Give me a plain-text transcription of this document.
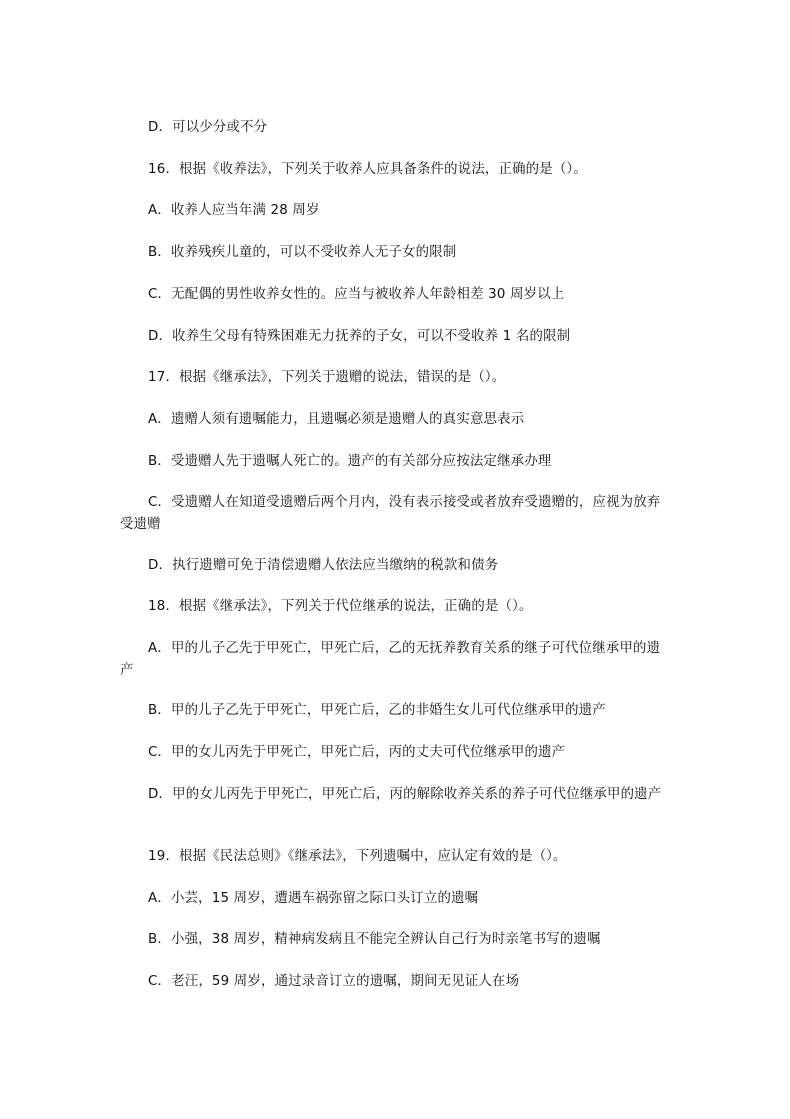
D．可以少分或不分
16．根据《收养法》，下列关于收养人应具备条件的说法，正确的是（）。
A．收养人应当年满 28 周岁
B．收养残疾儿童的，可以不受收养人无子女的限制
C．无配偶的男性收养女性的。应当与被收养人年龄相差 30 周岁以上
D．收养生父母有特殊困难无力抚养的子女，可以不受收养 1 名的限制
17．根据《继承法》，下列关于遗赠的说法，错误的是（）。
A．遗赠人须有遗嘱能力，且遗嘱必须是遗赠人的真实意思表示
B．受遗赠人先于遗嘱人死亡的。遗产的有关部分应按法定继承办理
C．受遗赠人在知道受遗赠后两个月内，没有表示接受或者放弃受遗赠的，应视为放弃受遗赠
D．执行遗赠可免于清偿遗赠人依法应当缴纳的税款和债务
18．根据《继承法》，下列关于代位继承的说法，正确的是（）。
A．甲的儿子乙先于甲死亡，甲死亡后，乙的无抚养教育关系的继子可代位继承甲的遗产
B．甲的儿子乙先于甲死亡，甲死亡后，乙的非婚生女儿可代位继承甲的遗产
C．甲的女儿丙先于甲死亡，甲死亡后，丙的丈夫可代位继承甲的遗产
D．甲的女儿丙先于甲死亡，甲死亡后，丙的解除收养关系的养子可代位继承甲的遗产
19．根据《民法总则》《继承法》，下列遗嘱中，应认定有效的是（）。
A．小芸，15 周岁，遭遇车祸弥留之际口头订立的遗嘱
B．小强，38 周岁，精神病发病且不能完全辨认自己行为时亲笔书写的遗嘱
C．老汪，59 周岁，通过录音订立的遗嘱，期间无见证人在场
